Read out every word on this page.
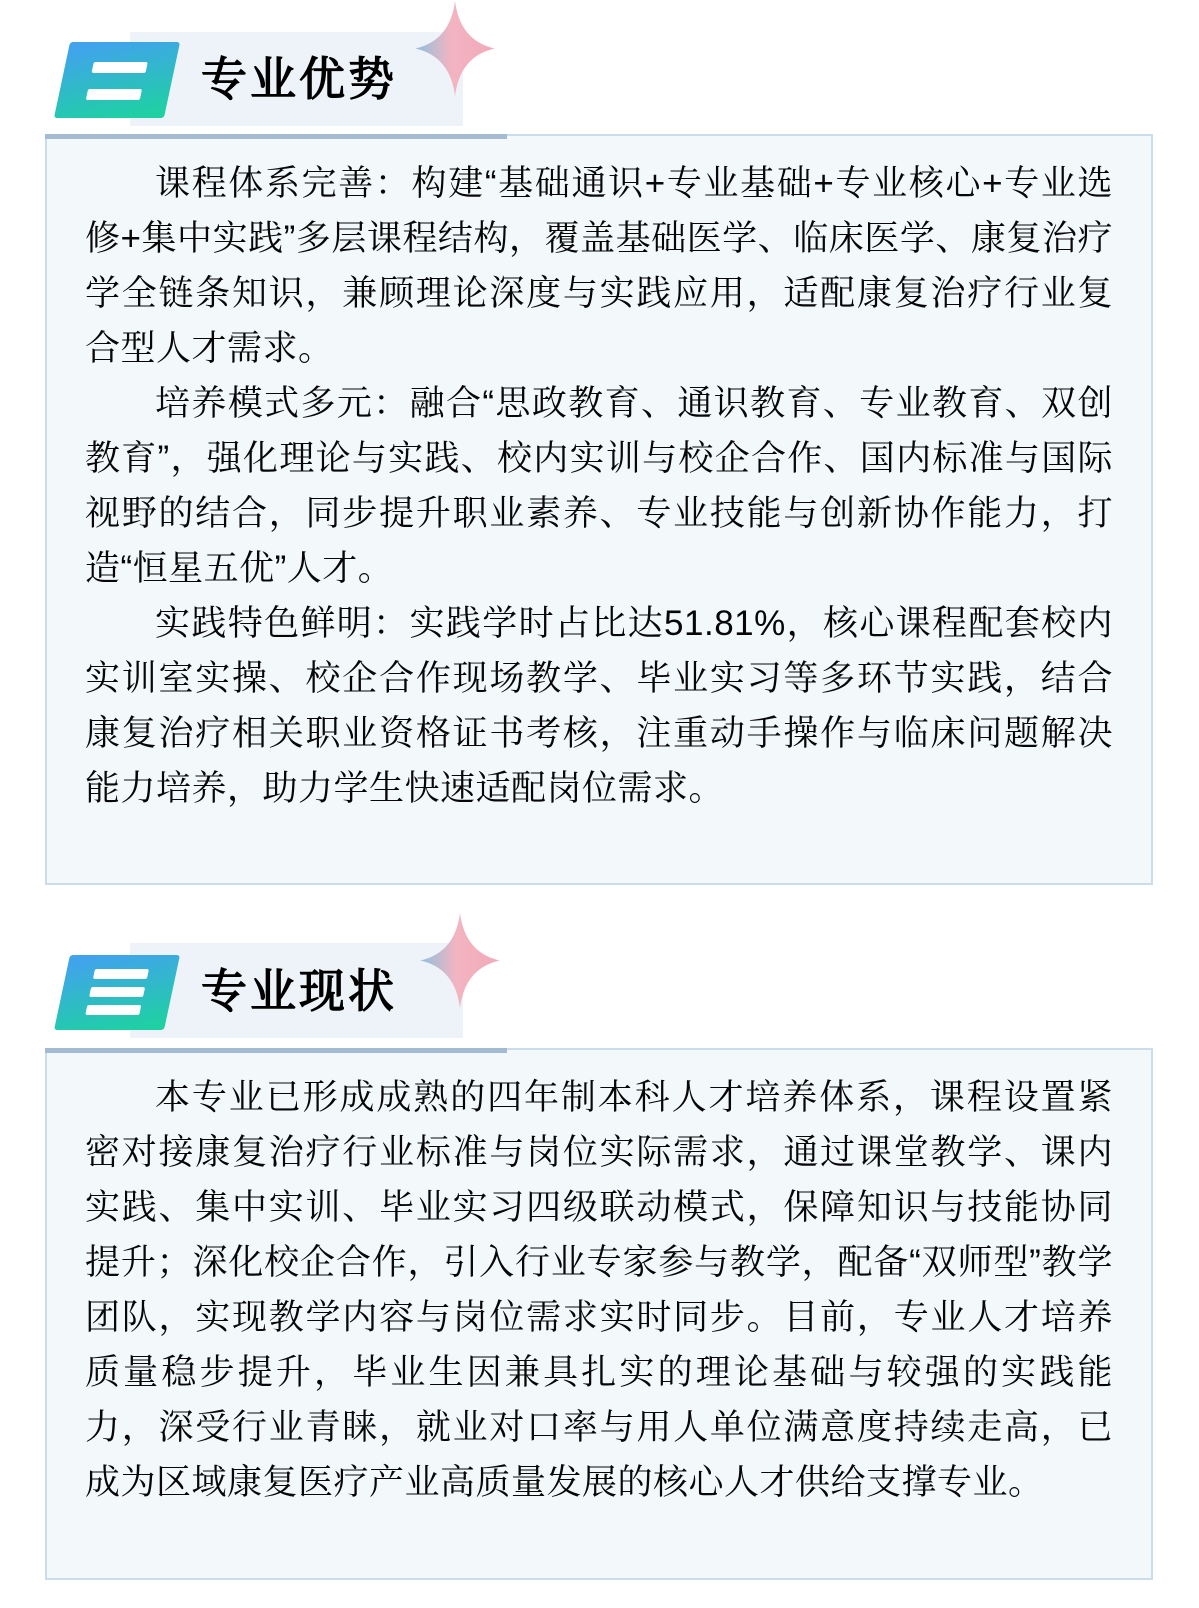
专业优势

课程体系完善：构建“基础通识+专业基础+专业核心+专业选修+集中实践”多层课程结构，覆盖基础医学、临床医学、康复治疗学全链条知识，兼顾理论深度与实践应用，适配康复治疗行业复合型人才需求。

培养模式多元：融合“思政教育、通识教育、专业教育、双创教育”，强化理论与实践、校内实训与校企合作、国内标准与国际视野的结合，同步提升职业素养、专业技能与创新协作能力，打造“恒星五优”人才。

实践特色鲜明：实践学时占比达51.81%，核心课程配套校内实训室实操、校企合作现场教学、毕业实习等多环节实践，结合康复治疗相关职业资格证书考核，注重动手操作与临床问题解决能力培养，助力学生快速适配岗位需求。

专业现状

本专业已形成成熟的四年制本科人才培养体系，课程设置紧密对接康复治疗行业标准与岗位实际需求，通过课堂教学、课内实践、集中实训、毕业实习四级联动模式，保障知识与技能协同提升；深化校企合作，引入行业专家参与教学，配备“双师型”教学团队，实现教学内容与岗位需求实时同步。目前，专业人才培养质量稳步提升，毕业生因兼具扎实的理论基础与较强的实践能力，深受行业青睐，就业对口率与用人单位满意度持续走高，已成为区域康复医疗产业高质量发展的核心人才供给支撑专业。
